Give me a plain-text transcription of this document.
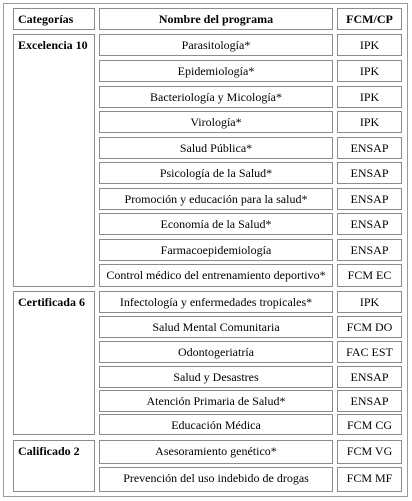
Categorías	Nombre del programa	FCM/CP
Excelencia 10	Parasitología*	IPK
Epidemiología*	IPK
Bacteriología y Micología*	IPK
Virología*	IPK
Salud Pública*	ENSAP
Psicología de la Salud*	ENSAP
Promoción y educación para la salud*	ENSAP
Economía de la Salud*	ENSAP
Farmacoepidemiología	ENSAP
Control médico del entrenamiento deportivo*	FCM EC
Certificada 6	Infectología y enfermedades tropicales*	IPK
Salud Mental Comunitaria	FCM DO
Odontogeriatría	FAC EST
Salud y Desastres	ENSAP
Atención Primaria de Salud*	ENSAP
Educación Médica	FCM CG
Calificado 2	Asesoramiento genético*	FCM VG
Prevención del uso indebido de drogas	FCM MF
